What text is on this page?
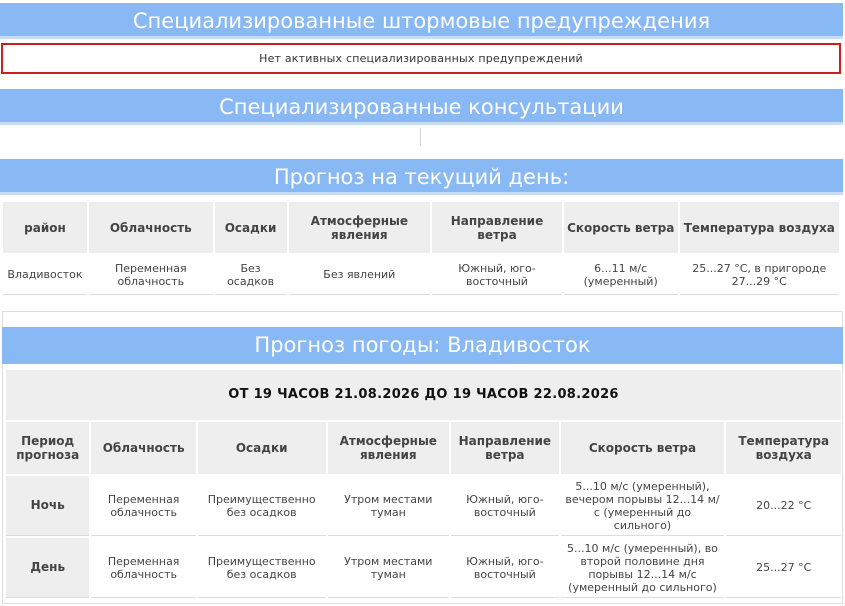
Специализированные штормовые предупреждения
Нет активных специализированных предупреждений
Специализированные консультации
Прогноз на текущий день:
район	Облачность	Осадки	Атмосферные явления	Направление ветра	Скорость ветра	Температура воздуха
Владивосток	Переменная облачность	Без осадков	Без явлений	Южный, юго-восточный	6...11 м/с (умеренный)	25...27 °C, в пригороде 27...29 °C
Прогноз погоды: Владивосток
ОТ 19 ЧАСОВ 21.08.2026 ДО 19 ЧАСОВ 22.08.2026
Период прогноза	Облачность	Осадки	Атмосферные явления	Направление ветра	Скорость ветра	Температура воздуха
Ночь	Переменная облачность	Преимущественно без осадков	Утром местами туман	Южный, юго-восточный	5...10 м/с (умеренный), вечером порывы 12...14 м/с (умеренный до сильного)	20...22 °C
День	Переменная облачность	Преимущественно без осадков	Утром местами туман	Южный, юго-восточный	5...10 м/с (умеренный), во второй половине дня порывы 12...14 м/с (умеренный до сильного)	25...27 °C
